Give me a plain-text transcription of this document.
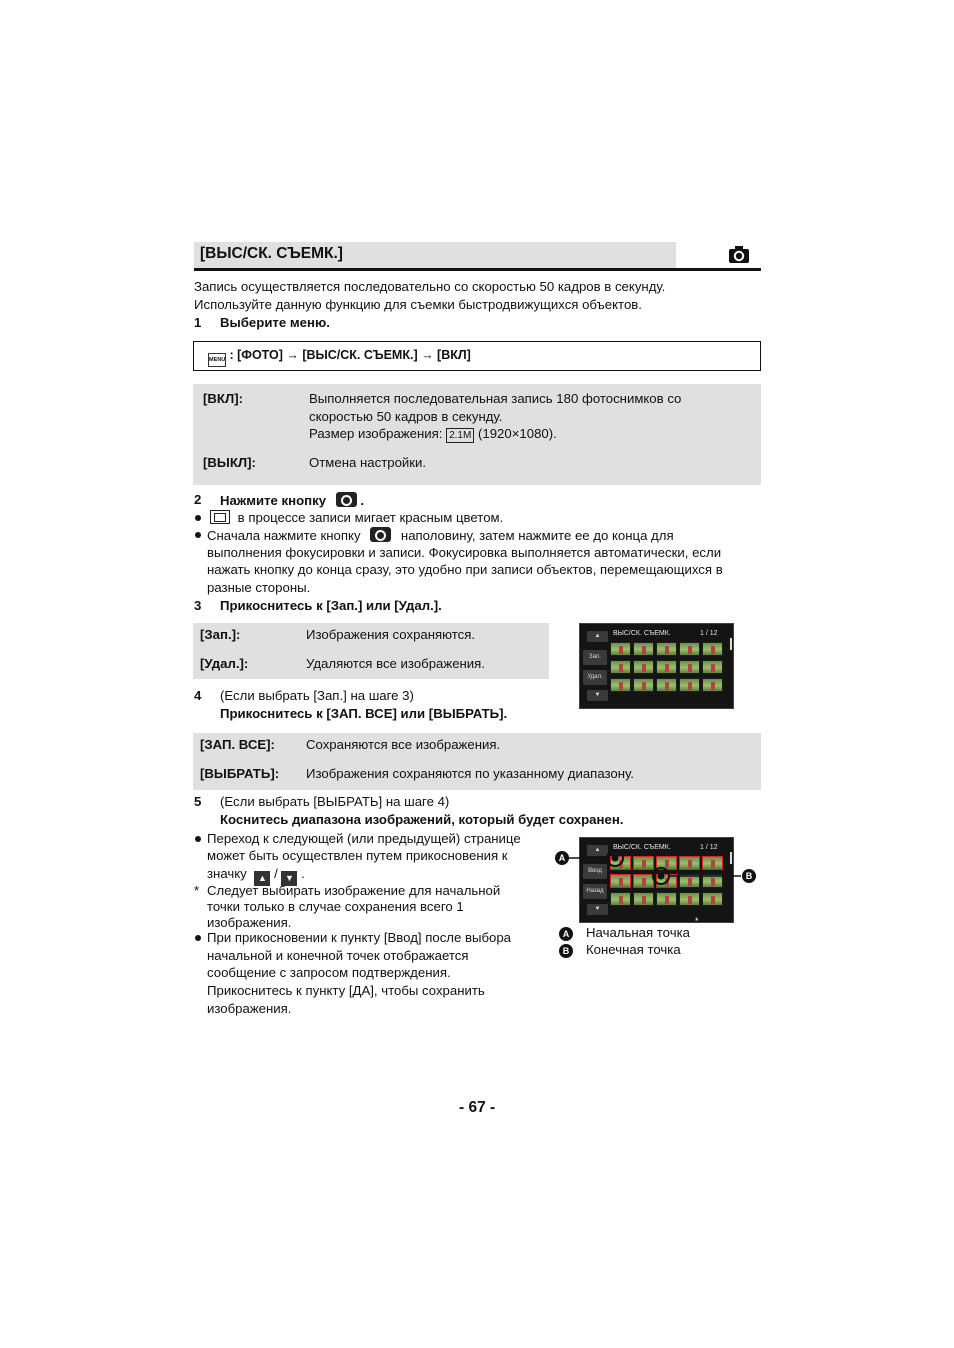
[ВЫС/СК. СЪЕМК.]
Запись осуществляется последовательно со скоростью 50 кадров в секунду.
Используйте данную функцию для съемки быстродвижущихся объектов.
1 Выберите меню.
MENU : [ФОТО] → [ВЫС/СК. СЪЕМК.] → [ВКЛ]
[ВКЛ]:	Выполняется последовательная запись 180 фотоснимков со
скоростью 50 кадров в секунду.
Размер изображения: 2.1M (1920×1080).
[ВЫКЛ]:	Отмена настройки.
2 Нажмите кнопку	.
в процессе записи мигает красным цветом.
Сначала нажмите кнопку	наполовину, затем нажмите ее до конца для
выполнения фокусировки и записи. Фокусировка выполняется автоматически, если
нажать кнопку до конца сразу, это удобно при записи объектов, перемещающихся в
разные стороны.
3 Прикоснитесь к [Зап.] или [Удал.].
[Зап.]:	Изображения сохраняются.
[Удал.]:	Удаляются все изображения.
ВЫС/СК. СЪЕМК.	1 / 12
▲
Зап.
Удал.
▼
4 (Если выбрать [Зап.] на шаге 3)
Прикоснитесь к [ЗАП. ВСЕ] или [ВЫБРАТЬ].
[ЗАП. ВСЕ]: Сохраняются все изображения.
[ВЫБРАТЬ]: Изображения сохраняются по указанному диапазону.
5 (Если выбрать [ВЫБРАТЬ] на шаге 4)
Коснитесь диапазона изображений, который будет сохранен.
Переход к следующей (или предыдущей) странице
может быть осуществлен путем прикосновения к
значку ▲ / ▼ .
* Следует выбирать изображение для начальной
точки только в случае сохранения всего 1
изображения.
При прикосновении к пункту [Ввод] после выбора
начальной и конечной точек отображается
сообщение с запросом подтверждения.
Прикоснитесь к пункту [ДА], чтобы сохранить
изображения.
ВЫС/СК. СЪЕМК.	1 / 12
▲
Ввод
Назад
▼
*
A
B
A Начальная точка
B Конечная точка
- 67 -
